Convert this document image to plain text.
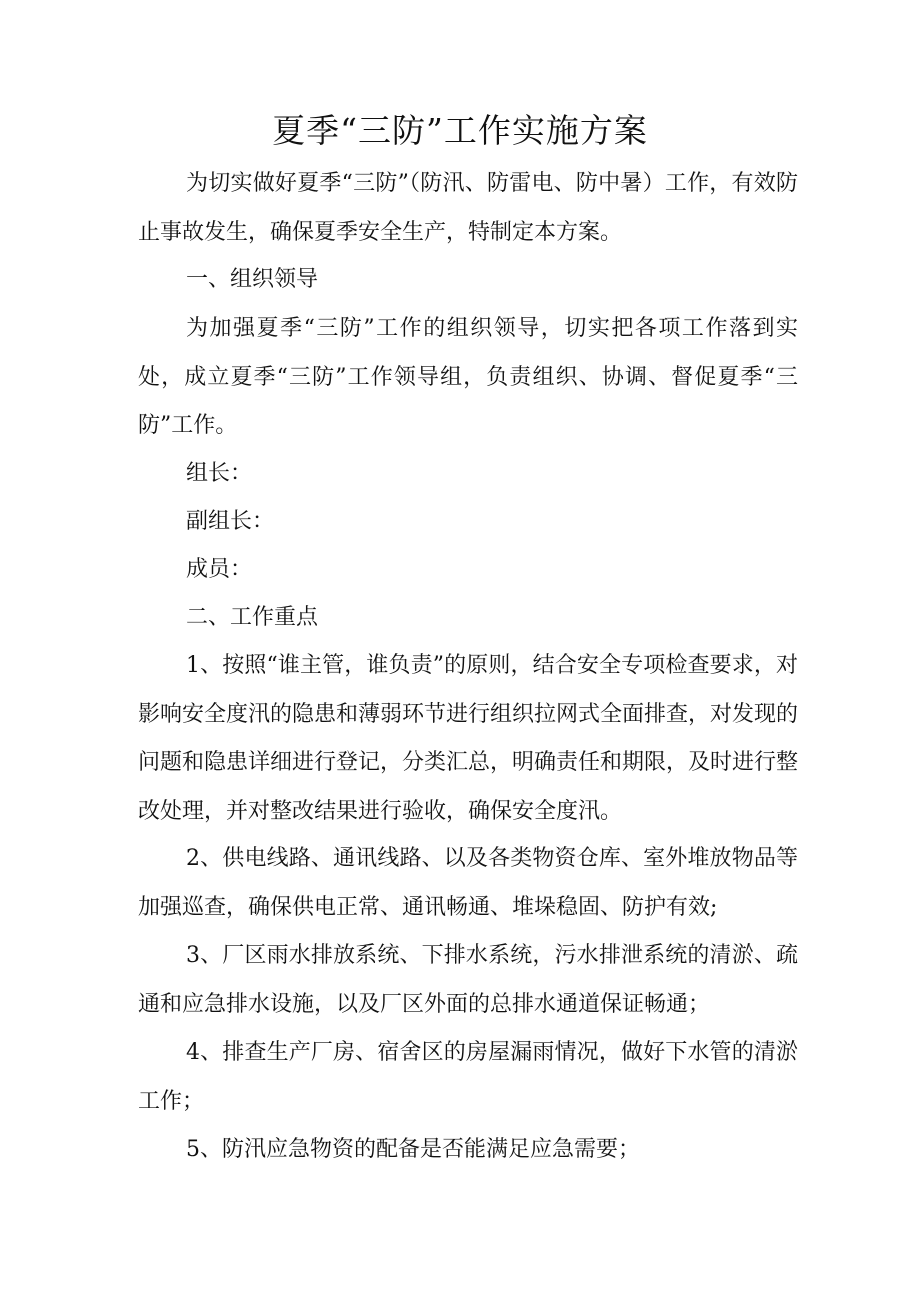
夏季“三防”工作实施方案

为切实做好夏季“三防”（防汛、防雷电、防中暑）工作，有效防止事故发生，确保夏季安全生产，特制定本方案。

一、组织领导

为加强夏季“三防”工作的组织领导，切实把各项工作落到实处，成立夏季“三防”工作领导组，负责组织、协调、督促夏季“三防”工作。

组长：

副组长：

成员：

二、工作重点

1、按照“谁主管，谁负责”的原则，结合安全专项检查要求，对影响安全度汛的隐患和薄弱环节进行组织拉网式全面排查，对发现的问题和隐患详细进行登记，分类汇总，明确责任和期限，及时进行整改处理，并对整改结果进行验收，确保安全度汛。

2、供电线路、通讯线路、以及各类物资仓库、室外堆放物品等加强巡查，确保供电正常、通讯畅通、堆垛稳固、防护有效;

3、厂区雨水排放系统、下排水系统，污水排泄系统的清淤、疏通和应急排水设施，以及厂区外面的总排水通道保证畅通；

4、排查生产厂房、宿舍区的房屋漏雨情况，做好下水管的清淤工作；

5、防汛应急物资的配备是否能满足应急需要；
